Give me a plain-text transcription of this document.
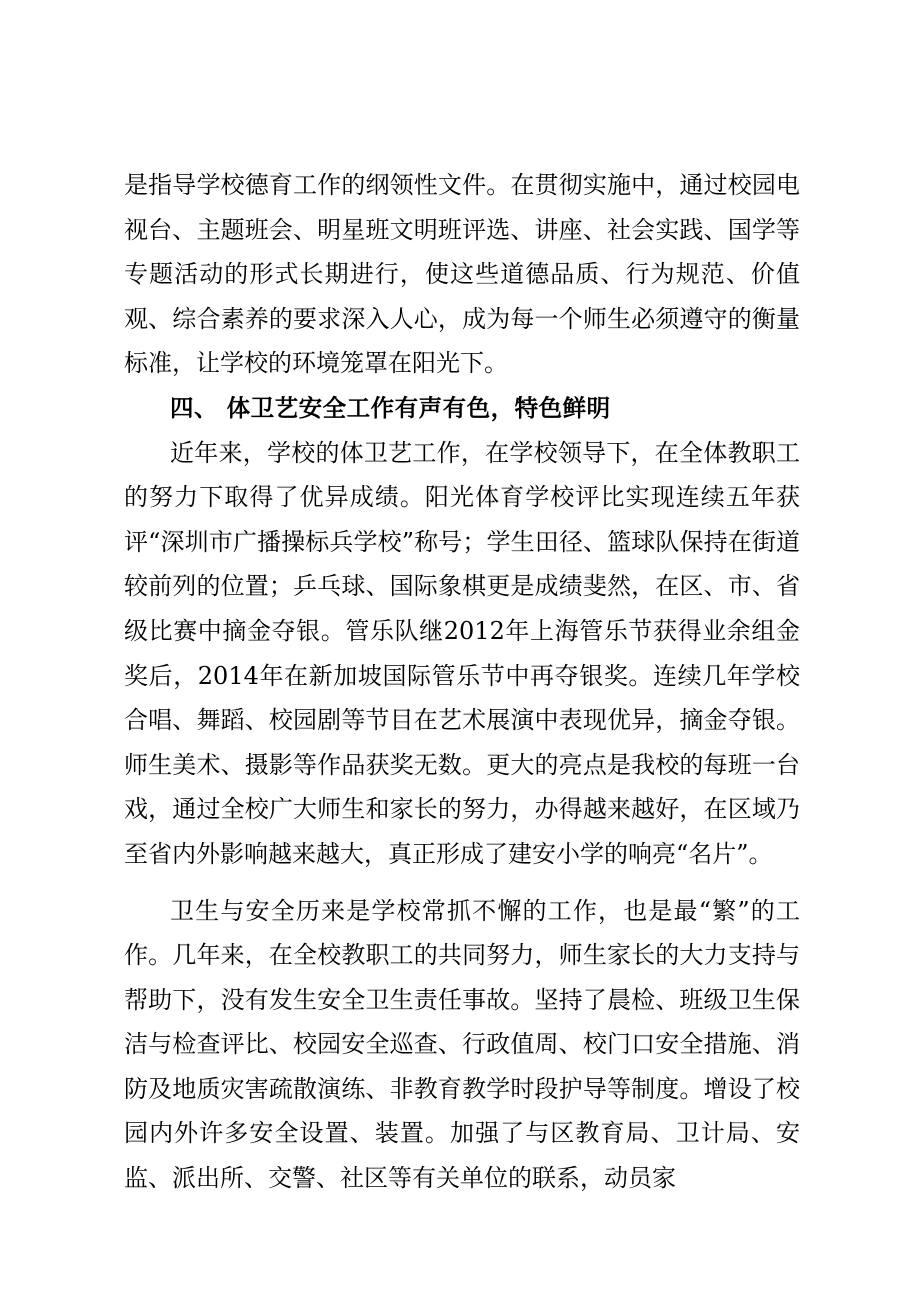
是指导学校德育工作的纲领性文件。在贯彻实施中，通过校园电视台、主题班会、明星班文明班评选、讲座、社会实践、国学等专题活动的形式长期进行，使这些道德品质、行为规范、价值观、综合素养的要求深入人心，成为每一个师生必须遵守的衡量标准，让学校的环境笼罩在阳光下。

四、 体卫艺安全工作有声有色，特色鲜明

近年来，学校的体卫艺工作，在学校领导下，在全体教职工的努力下取得了优异成绩。阳光体育学校评比实现连续五年获评“深圳市广播操标兵学校”称号；学生田径、篮球队保持在街道较前列的位置；乒乓球、国际象棋更是成绩斐然，在区、市、省级比赛中摘金夺银。管乐队继2012年上海管乐节获得业余组金奖后，2014年在新加坡国际管乐节中再夺银奖。连续几年学校合唱、舞蹈、校园剧等节目在艺术展演中表现优异，摘金夺银。师生美术、摄影等作品获奖无数。更大的亮点是我校的每班一台戏，通过全校广大师生和家长的努力，办得越来越好，在区域乃至省内外影响越来越大，真正形成了建安小学的响亮“名片”。

卫生与安全历来是学校常抓不懈的工作，也是最“繁”的工作。几年来，在全校教职工的共同努力，师生家长的大力支持与帮助下，没有发生安全卫生责任事故。坚持了晨检、班级卫生保洁与检查评比、校园安全巡查、行政值周、校门口安全措施、消防及地质灾害疏散演练、非教育教学时段护导等制度。增设了校园内外许多安全设置、装置。加强了与区教育局、卫计局、安监、派出所、交警、社区等有关单位的联系，动员家
